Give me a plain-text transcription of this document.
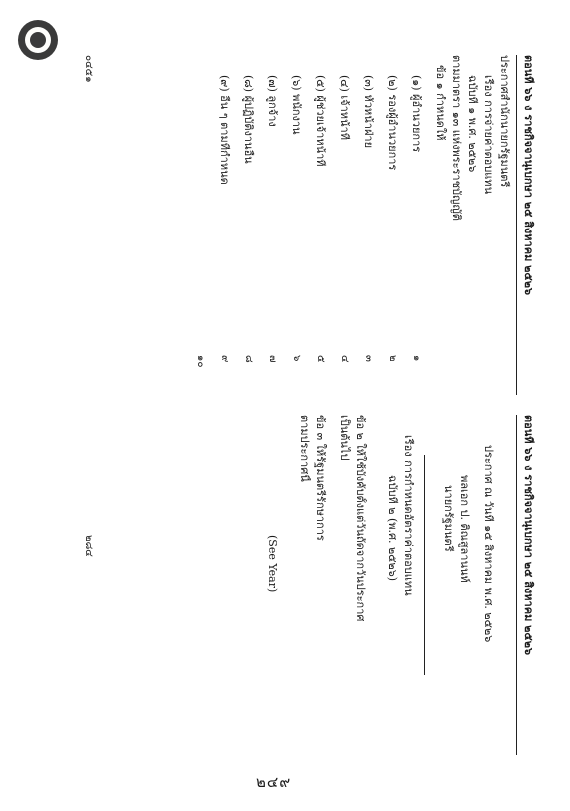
ตอนที่ ๖๖ ง ราชกิจจานุเบกษา ๒๕ สิงหาคม ๒๕๒๖
ประกาศสำนักนายกรัฐมนตรี
เรื่อง การจ่ายค่าตอบแทน
ฉบับที่ ๑ พ.ศ. ๒๕๒๖
ตามมาตรา ๑๓ แห่งพระราชบัญญัติ
ข้อ ๑ กำหนดให้
(๑) ผู้อำนวยการ
(๒) รองผู้อำนวยการ
(๓) หัวหน้าฝ่าย
(๔) เจ้าหน้าที่
(๕) ผู้ช่วยเจ้าหน้าที่
(๖) พนักงาน
(๗) ลูกจ้าง
(๘) ผู้ปฏิบัติงานอื่น
(๙) อื่น ๆ ตามที่กำหนด
๑
๒
๓
๔
๕
๖
๗
๘
๙
๑๐
๐๔๕๑
ตอนที่ ๖๖ ง ราชกิจจานุเบกษา ๒๕ สิงหาคม ๒๕๒๖
ประกาศ ณ วันที่ ๑๕ สิงหาคม พ.ศ. ๒๕๒๖
พลเอก ป. ติณสูลานนท์
นายกรัฐมนตรี
เรื่อง การกำหนดอัตราค่าตอบแทน
ฉบับที่ ๒ (พ.ศ. ๒๕๒๖)
ข้อ ๒ ให้ใช้บังคับตั้งแต่วันถัดจากวันประกาศ
เป็นต้นไป
ข้อ ๓ ให้รัฐมนตรีรักษาการ
ตามประกาศนี้
(See Year)
๒๘๔
๒๔๙
